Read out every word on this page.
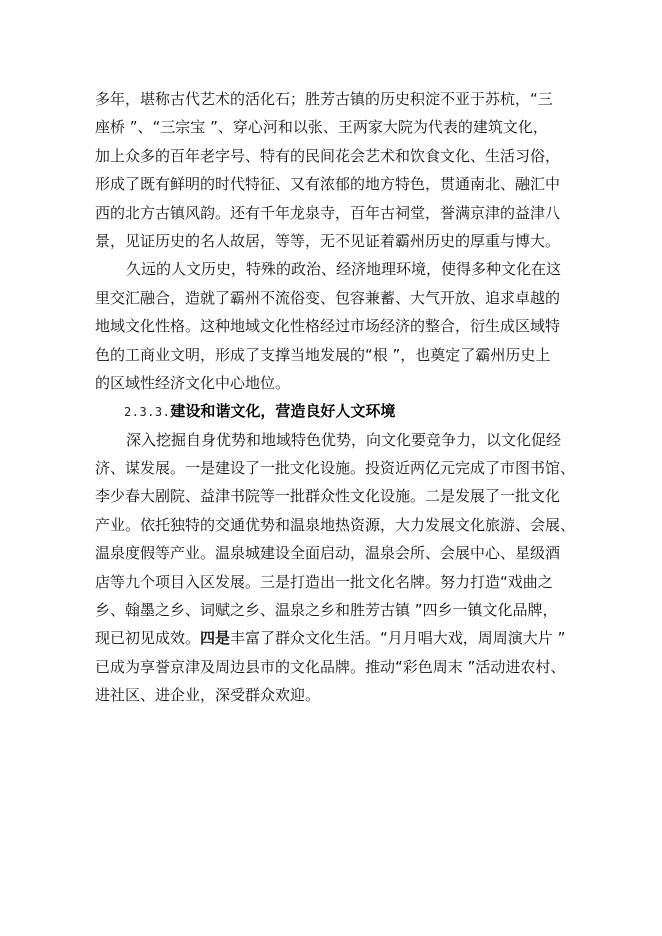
多年，堪称古代艺术的活化石；胜芳古镇的历史积淀不亚于苏杭，“三
座桥 ”、“三宗宝 ”、穿心河和以张、王两家大院为代表的建筑文化，
加上众多的百年老字号、特有的民间花会艺术和饮食文化、生活习俗，
形成了既有鲜明的时代特征、又有浓郁的地方特色，贯通南北、融汇中
西的北方古镇风韵。还有千年龙泉寺，百年古祠堂，誉满京津的益津八
景，见证历史的名人故居，等等，无不见证着霸州历史的厚重与博大。

久远的人文历史，特殊的政治、经济地理环境，使得多种文化在这
里交汇融合，造就了霸州不流俗变、包容兼蓄、大气开放、追求卓越的
地域文化性格。这种地域文化性格经过市场经济的整合，衍生成区域特
色的工商业文明，形成了支撑当地发展的“根 ”，也奠定了霸州历史上
的区域性经济文化中心地位。

2.3.3.建设和谐文化，营造良好人文环境

深入挖掘自身优势和地域特色优势，向文化要竞争力，以文化促经
济、谋发展。一是建设了一批文化设施。投资近两亿元完成了市图书馆、
李少春大剧院、益津书院等一批群众性文化设施。二是发展了一批文化
产业。依托独特的交通优势和温泉地热资源，大力发展文化旅游、会展、
温泉度假等产业。温泉城建设全面启动，温泉会所、会展中心、星级酒
店等九个项目入区发展。三是打造出一批文化名牌。努力打造“戏曲之
乡、翰墨之乡、词赋之乡、温泉之乡和胜芳古镇 ”四乡一镇文化品牌，
现已初见成效。四是丰富了群众文化生活。“月月唱大戏，周周演大片 ”
已成为享誉京津及周边县市的文化品牌。推动“彩色周末 ”活动进农村、
进社区、进企业，深受群众欢迎。
